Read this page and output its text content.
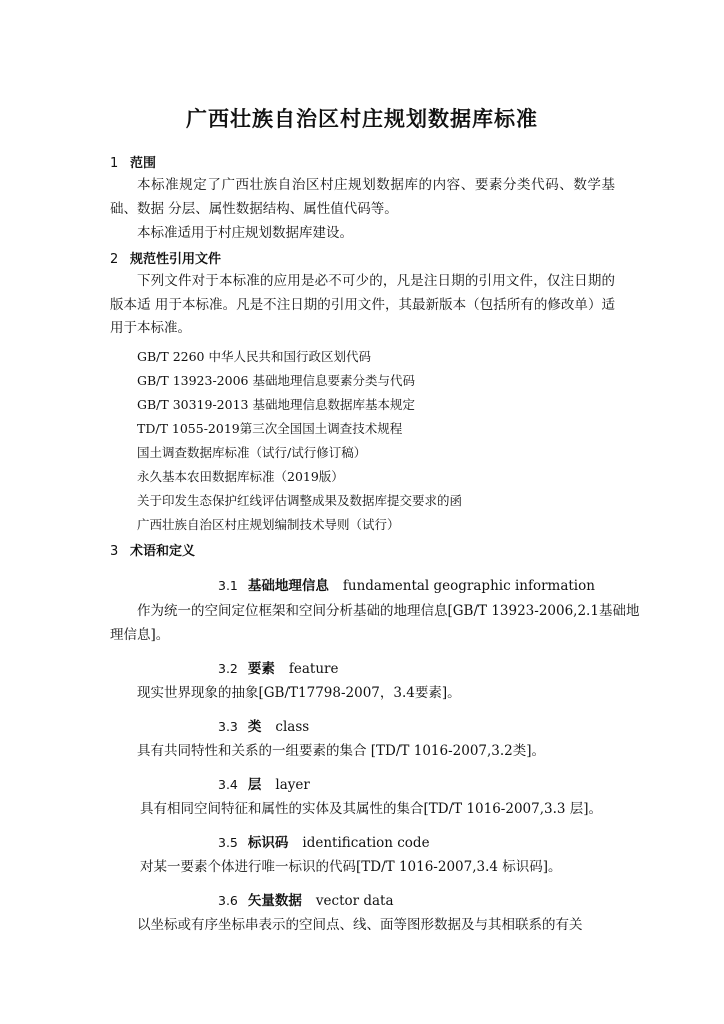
广西壮族自治区村庄规划数据库标准
1 范围

本标准规定了广西壮族自治区村庄规划数据库的内容、要素分类代码、数学基础、数据 分层、属性数据结构、属性值代码等。

本标准适用于村庄规划数据库建设。

2 规范性引用文件

下列文件对于本标准的应用是必不可少的，凡是注日期的引用文件，仅注日期的版本适 用于本标准。凡是不注日期的引用文件，其最新版本（包括所有的修改单）适用于本标准。

GB/T 2260 中华人民共和国行政区划代码
GB/T 13923-2006 基础地理信息要素分类与代码
GB/T 30319-2013 基础地理信息数据库基本规定
TD/T 1055-2019第三次全国国土调查技术规程
国土调查数据库标准（试行/试行修订稿）
永久基本农田数据库标准（2019版）
关于印发生态保护红线评估调整成果及数据库提交要求的函
广西壮族自治区村庄规划编制技术导则（试行）
3 术语和定义
3.1 基础地理信息 fundamental geographic information
作为统一的空间定位框架和空间分析基础的地理信息[GB/T 13923-2006,2.1基础地
理信息]。
3.2 要素 feature
现实世界现象的抽象[GB/T17798-2007，3.4要素]。
3.3 类 class
具有共同特性和关系的一组要素的集合 [TD/T 1016-2007,3.2类]。
3.4 层 layer
具有相同空间特征和属性的实体及其属性的集合[TD/T 1016-2007,3.3 层]。
3.5 标识码 identification code
对某一要素个体进行唯一标识的代码[TD/T 1016-2007,3.4 标识码]。
3.6 矢量数据 vector data
以坐标或有序坐标串表示的空间点、线、面等图形数据及与其相联系的有关
